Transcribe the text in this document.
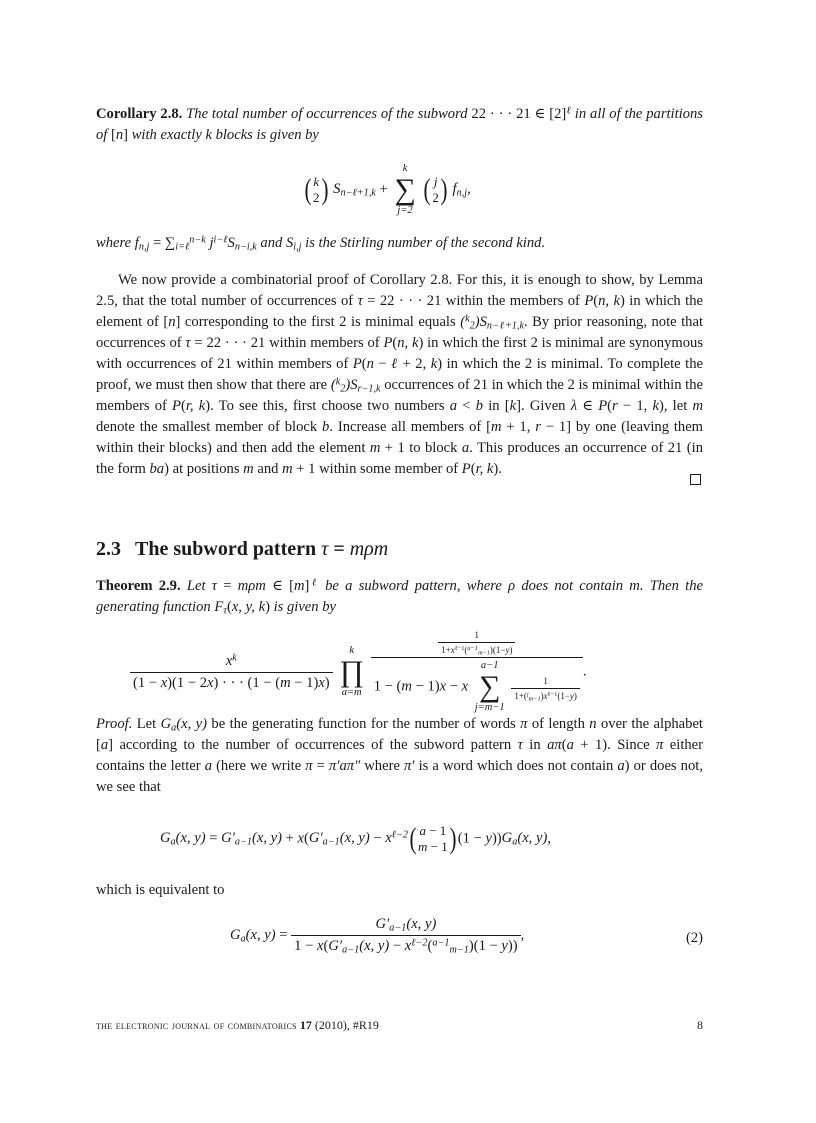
Corollary 2.8. The total number of occurrences of the subword 22 · · · 21 ∈ $[2]^\ell$ in all of the partitions of [n] with exactly k blocks is given by
( k
2 ) $S_{n-\ell+1,k}$ +
k
∑
j=2

( j
2 ) $f_{n,j}$,
where $f_{n,j} = \sum_{i=\ell}^{n-k}$ $j^{i-\ell}S_{n-i,k}$ and $S_{i,j}$ is the Stirling number of the second kind.
We now provide a combinatorial proof of Corollary 2.8. For this, it is enough to show, by Lemma 2.5, that the total number of occurrences of τ = 22 · · · 21 within the members of P(n, k) in which the element of [n] corresponding to the first 2 is minimal equals $(^k_2)S_{n-\ell+1,k}$. By prior reasoning, note that occurrences of τ = 22 · · · 21 within members of P(n, k) in which the first 2 is minimal are synonymous with occurrences of 21 within members of P(n − ℓ + 2, k) in which the 2 is minimal. To complete the proof, we must then show that there are $(^k_2)S_{r-1,k}$ occurrences of 21 in which the 2 is minimal within the members of P(r, k). To see this, first choose two numbers a < b in [k]. Given λ ∈ P(r − 1, k), let m denote the smallest member of block b. Increase all members of [m + 1, r − 1] by one (leaving them within their blocks) and then add the element m + 1 to block a. This produces an occurrence of 21 (in the form ba) at positions m and m + 1 within some member of P(r, k).
2.3 The subword pattern τ = mρm
Theorem 2.9. Let τ = mρm ∈ $[m]^\ell$ be a subword pattern, where ρ does not contain m. Then the generating function $F_\tau(x$, y, k) is given by
$\frac{x^k}{(1 - x)(1 - 2x) \cdot \cdot \cdot (1 - (m - 1)x)}$

k
∏
a=m

$\frac{1}{1+x^{\ell-1}(^{a-1}_{m-1})(1-y)}$
1 − (m − 1)x − x
a−1
∑
j=m−1

$\frac{1}{1+(^j_{m-1})x^{\ell-1}(1-y)}$
.
Proof. Let $G_a(x$, y) be the generating function for the number of words π of length n over the alphabet [a] according to the number of occurrences of the subword pattern τ in aπ(a + 1). Since π either contains the letter a (here we write π = π′aπ″ where π′ is a word which does not contain a) or does not, we see that
$G_a(x$, $y) = G'_{a-1}(x$, $y) + x(G'_{a-1}(x$, $y) - x^{\ell-2}$ ( a − 1
m − 1 ) $(1 - y))G_a(x$, y),
which is equivalent to
$G_a(x$, $y) = \frac{G'_{a-1}(x, y)}{1 - x(G'_{a-1}(x, y) - x^{\ell-2}(^{a-1}_{m-1})(1 - y))}$ ,	(2)
the electronic journal of combinatorics 17 (2010), #R19	8
